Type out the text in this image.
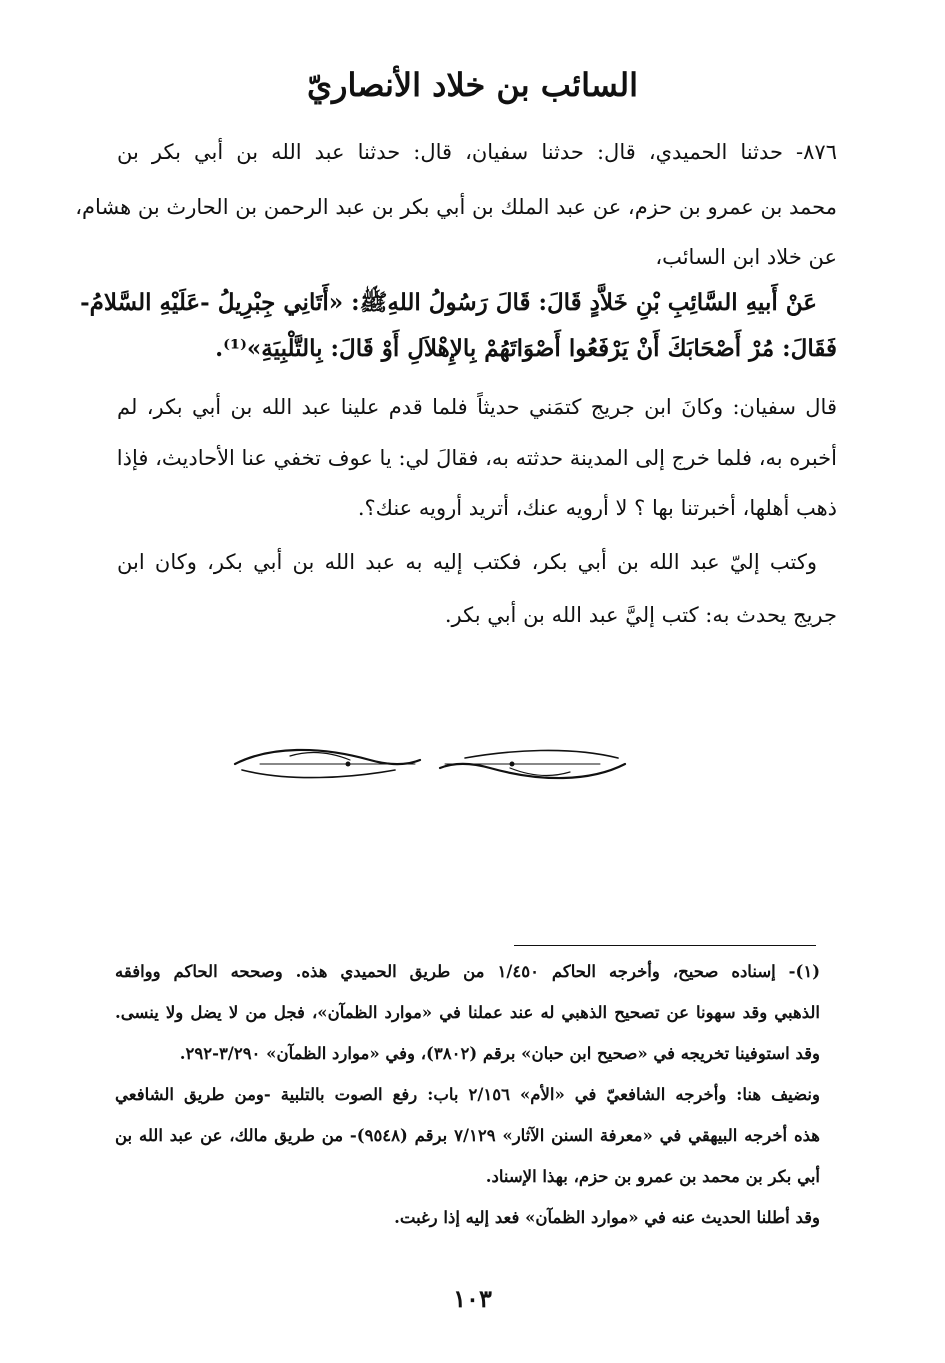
السائب بن خلاد الأنصاريّ
٨٧٦- حدثنا الحميدي، قال: حدثنا سفيان، قال: حدثنا عبد الله بن أبي بكر بن
محمد بن عمرو بن حزم، عن عبد الملك بن أبي بكر بن عبد الرحمن بن الحارث بن هشام،
عن خلاد ابن السائب،
عَنْ أَبيهِ السَّائِبِ بْنِ خَلاَّدٍ قَالَ: قَالَ رَسُولُ اللهِﷺ: «أَتَانِي جِبْرِيلُ -عَلَيْهِ السَّلامُ-
فَقَالَ: مُرْ أَصْحَابَكَ أَنْ يَرْفَعُوا أَصْوَاتَهُمْ بِالإِهْلاَلِ أَوْ قَالَ: بِالتَّلْبِيَةِ»⁽¹⁾.
قال سفيان: وكانَ ابن جريج كتمَني حديثاً فلما قدم علينا عبد الله بن أبي بكر، لم
أخبره به، فلما خرج إلى المدينة حدثته به، فقالَ لي: يا عوف تخفي عنا الأحاديث، فإذا
ذهب أهلها، أخبرتنا بها ؟ لا أرويه عنك، أتريد أرويه عنك؟.
وكتب إليّ عبد الله بن أبي بكر، فكتب إليه به عبد الله بن أبي بكر، وكان ابن
جريج يحدث به: كتب إليَّ عبد الله بن أبي بكر.
(١)- إسناده صحيح، وأخرجه الحاكم ١/٤٥٠ من طريق الحميدي هذه. وصححه الحاكم ووافقه
الذهبي وقد سهونا عن تصحيح الذهبي له عند عملنا في «موارد الظمآن»، فجل من لا يضل ولا ينسى.
وقد استوفينا تخريجه في «صحيح ابن حبان» برقم (٣٨٠٢)، وفي «موارد الظمآن» ٣/٢٩٠-٢٩٢.
ونضيف هنا: وأخرجه الشافعيّ في «الأم» ٢/١٥٦ باب: رفع الصوت بالتلبية -ومن طريق الشافعي
هذه أخرجه البيهقي في «معرفة السنن الآثار» ٧/١٢٩ برقم (٩٥٤٨)- من طريق مالك، عن عبد الله بن
أبي بكر بن محمد بن عمرو بن حزم، بهذا الإسناد.
وقد أطلنا الحديث عنه في «موارد الظمآن» فعد إليه إذا رغبت.
١٠٣
